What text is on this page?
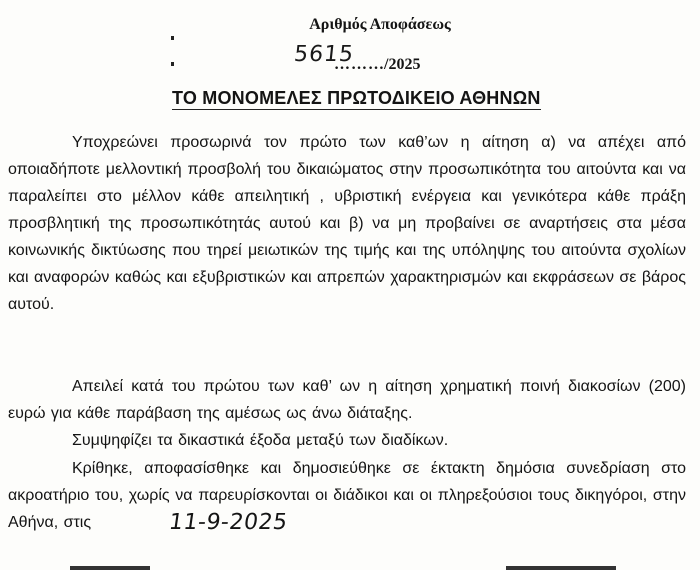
Αριθμός Αποφάσεως
5615
……… /2025
ΤΟ ΜΟΝΟΜΕΛΕΣ ΠΡΩΤΟΔΙΚΕΙΟ ΑΘΗΝΩΝ
Υποχρεώνει προσωρινά τον πρώτο των καθ’ων η αίτηση α) να απέχει από οποιαδήποτε μελλοντική προσβολή του δικαιώματος στην προσωπικότητα του αιτούντα και να παραλείπει στο μέλλον κάθε απειλητική , υβριστική ενέργεια και γενικότερα κάθε πράξη προσβλητική της προσωπικότητάς αυτού και β) να μη προβαίνει σε αναρτήσεις στα μέσα κοινωνικής δικτύωσης που τηρεί μειωτικών της τιμής και της υπόληψης του αιτούντα σχολίων και αναφορών καθώς και εξυβριστικών και απρεπών χαρακτηρισμών και εκφράσεων σε βάρος αυτού.
Απειλεί κατά του πρώτου των καθ’ ων η αίτηση χρηματική ποινή διακοσίων (200) ευρώ για κάθε παράβαση της αμέσως ως άνω διάταξης.
Συμψηφίζει τα δικαστικά έξοδα μεταξύ των διαδίκων.
Κρίθηκε, αποφασίσθηκε και δημοσιεύθηκε σε έκτακτη δημόσια συνεδρίαση στο ακροατήριο του, χωρίς να παρευρίσκονται οι διάδικοι και οι πληρεξούσιοι τους δικηγόροι, στην Αθήνα, στις	11-9-2025
